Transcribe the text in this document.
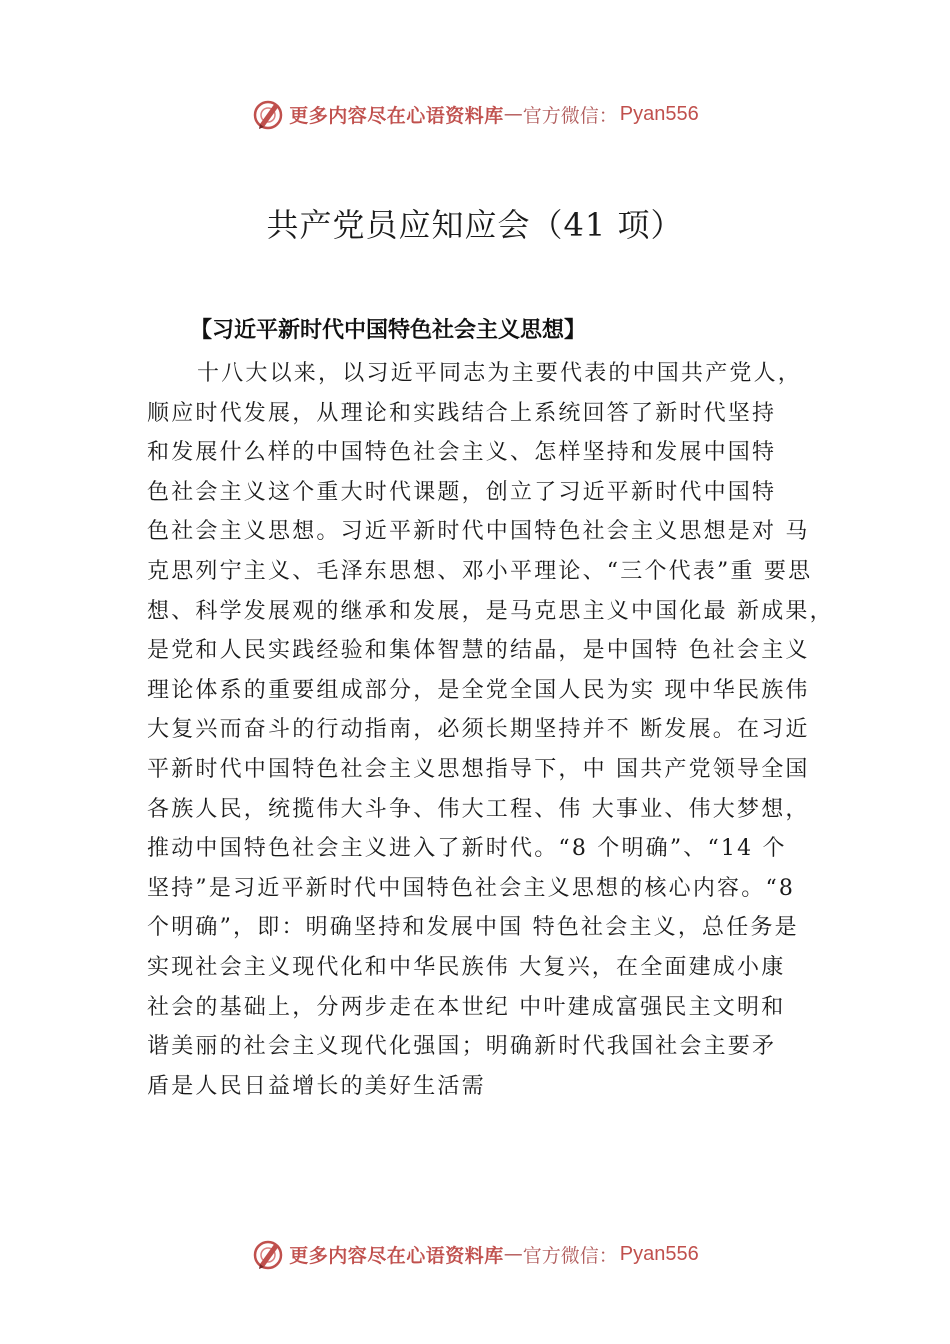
更多内容尽在心语资料库 — 官方微信： Pyan556
共产党员应知应会（41 项）
【习近平新时代中国特色社会主义思想】
十八大以来，以习近平同志为主要代表的中国共产党人，
顺应时代发展，从理论和实践结合上系统回答了新时代坚持
和发展什么样的中国特色社会主义、怎样坚持和发展中国特
色社会主义这个重大时代课题，创立了习近平新时代中国特
色社会主义思想。习近平新时代中国特色社会主义思想是对 马
克思列宁主义、毛泽东思想、邓小平理论、“三个代表”重 要思
想、科学发展观的继承和发展，是马克思主义中国化最 新成果，
是党和人民实践经验和集体智慧的结晶，是中国特 色社会主义
理论体系的重要组成部分，是全党全国人民为实 现中华民族伟
大复兴而奋斗的行动指南，必须长期坚持并不 断发展。在习近
平新时代中国特色社会主义思想指导下，中 国共产党领导全国
各族人民，统揽伟大斗争、伟大工程、伟 大事业、伟大梦想，
推动中国特色社会主义进入了新时代。“8 个明确”、“14 个
坚持”是习近平新时代中国特色社会主义思想的核心内容。“8
个明确”，即：明确坚持和发展中国 特色社会主义，总任务是
实现社会主义现代化和中华民族伟 大复兴，在全面建成小康
社会的基础上，分两步走在本世纪 中叶建成富强民主文明和
谐美丽的社会主义现代化强国；明确新时代我国社会主要矛
盾是人民日益增长的美好生活需
更多内容尽在心语资料库 — 官方微信： Pyan556
